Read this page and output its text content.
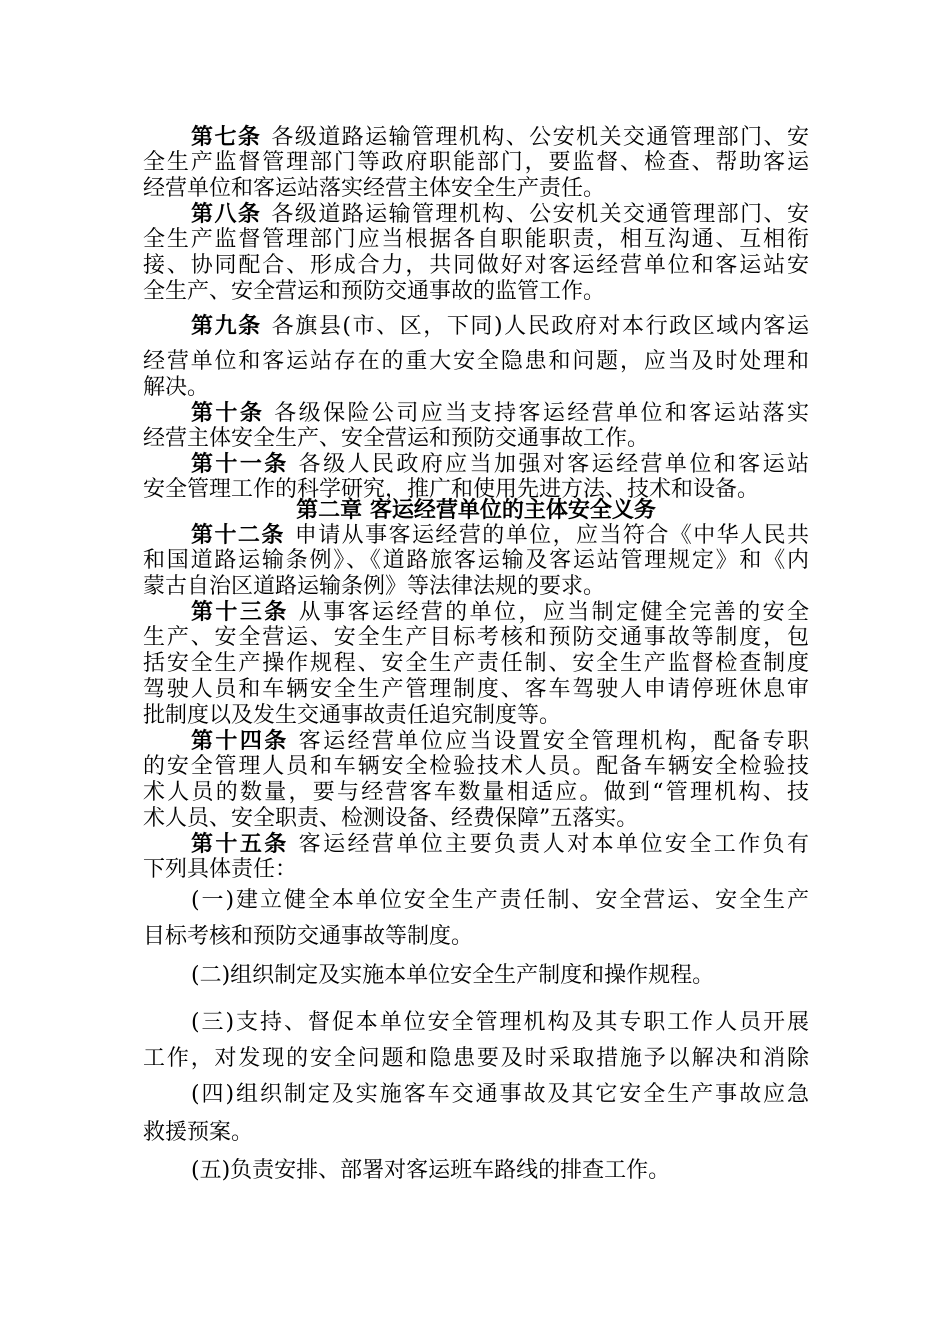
第七条 各级道路运输管理机构、公安机关交通管理部门、安
全生产监督管理部门等政府职能部门，要监督、检查、帮助客运
经营单位和客运站落实经营主体安全生产责任。
第八条 各级道路运输管理机构、公安机关交通管理部门、安
全生产监督管理部门应当根据各自职能职责，相互沟通、互相衔
接、协同配合、形成合力，共同做好对客运经营单位和客运站安
全生产、安全营运和预防交通事故的监管工作。
第九条 各旗县(市、区，下同)人民政府对本行政区域内客运
经营单位和客运站存在的重大安全隐患和问题，应当及时处理和
解决。
第十条 各级保险公司应当支持客运经营单位和客运站落实
经营主体安全生产、安全营运和预防交通事故工作。
第十一条 各级人民政府应当加强对客运经营单位和客运站
安全管理工作的科学研究，推广和使用先进方法、技术和设备。
第二章 客运经营单位的主体安全义务
第十二条 申请从事客运经营的单位，应当符合《中华人民共
和国道路运输条例》、《道路旅客运输及客运站管理规定》和《内
蒙古自治区道路运输条例》等法律法规的要求。
第十三条 从事客运经营的单位，应当制定健全完善的安全
生产、安全营运、安全生产目标考核和预防交通事故等制度，包
括安全生产操作规程、安全生产责任制、安全生产监督检查制度
驾驶人员和车辆安全生产管理制度、客车驾驶人申请停班休息审
批制度以及发生交通事故责任追究制度等。
第十四条 客运经营单位应当设置安全管理机构，配备专职
的安全管理人员和车辆安全检验技术人员。配备车辆安全检验技
术人员的数量，要与经营客车数量相适应。做到“管理机构、技
术人员、安全职责、检测设备、经费保障”五落实。
第十五条 客运经营单位主要负责人对本单位安全工作负有
下列具体责任：
(一)建立健全本单位安全生产责任制、安全营运、安全生产
目标考核和预防交通事故等制度。
(二)组织制定及实施本单位安全生产制度和操作规程。
(三)支持、督促本单位安全管理机构及其专职工作人员开展
工作，对发现的安全问题和隐患要及时采取措施予以解决和消除
(四)组织制定及实施客车交通事故及其它安全生产事故应急
救援预案。
(五)负责安排、部署对客运班车路线的排查工作。
